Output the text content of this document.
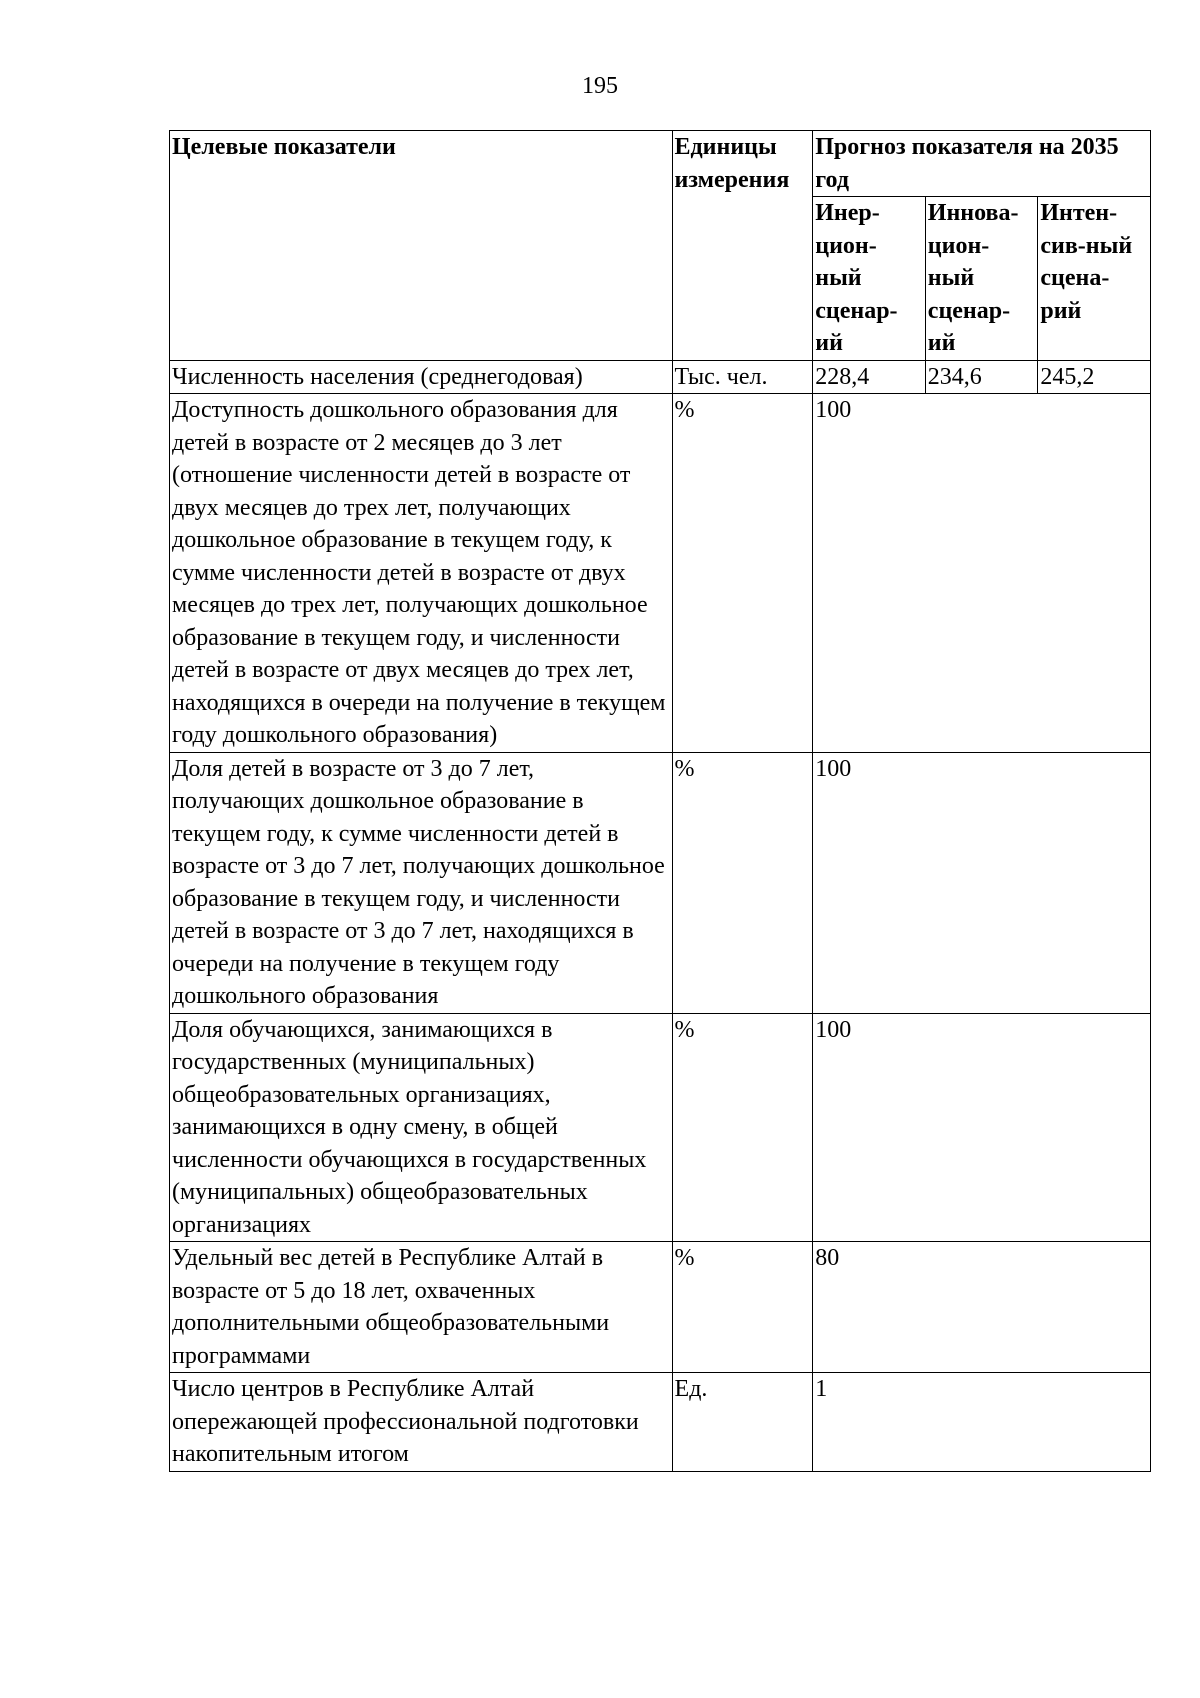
195
Целевые показатели	Единицы измерения	Прогноз показателя на 2035 год		
		Инер-цион-ный сценар-ий	Иннова-цион-ный сценар-ий	Интен-сив-ный сцена-рий
Численность населения (среднегодовая)	Тыс. чел.	228,4	234,6	245,2
Доступность дошкольного образования для детей в возрасте от 2 месяцев до 3 лет (отношение численности детей в возрасте от двух месяцев до трех лет, получающих дошкольное образование в текущем году, к сумме численности детей в возрасте от двух месяцев до трех лет, получающих дошкольное образование в текущем году, и численности детей в возрасте от двух месяцев до трех лет, находящихся в очереди на получение в текущем году дошкольного образования)	%	100		
Доля детей в возрасте от 3 до 7 лет, получающих дошкольное образование в текущем году, к сумме численности детей в возрасте от 3 до 7 лет, получающих дошкольное образование в текущем году, и численности детей в возрасте от 3 до 7 лет, находящихся в очереди на получение в текущем году дошкольного образования	%	100		
Доля обучающихся, занимающихся в государственных (муниципальных) общеобразовательных организациях, занимающихся в одну смену, в общей численности обучающихся в государственных (муниципальных) общеобразовательных организациях	%	100		
Удельный вес детей в Республике Алтай в возрасте от 5 до 18 лет, охваченных дополнительными общеобразовательными программами	%	80		
Число центров в Республике Алтай опережающей профессиональной подготовки накопительным итогом	Ед.	1		
